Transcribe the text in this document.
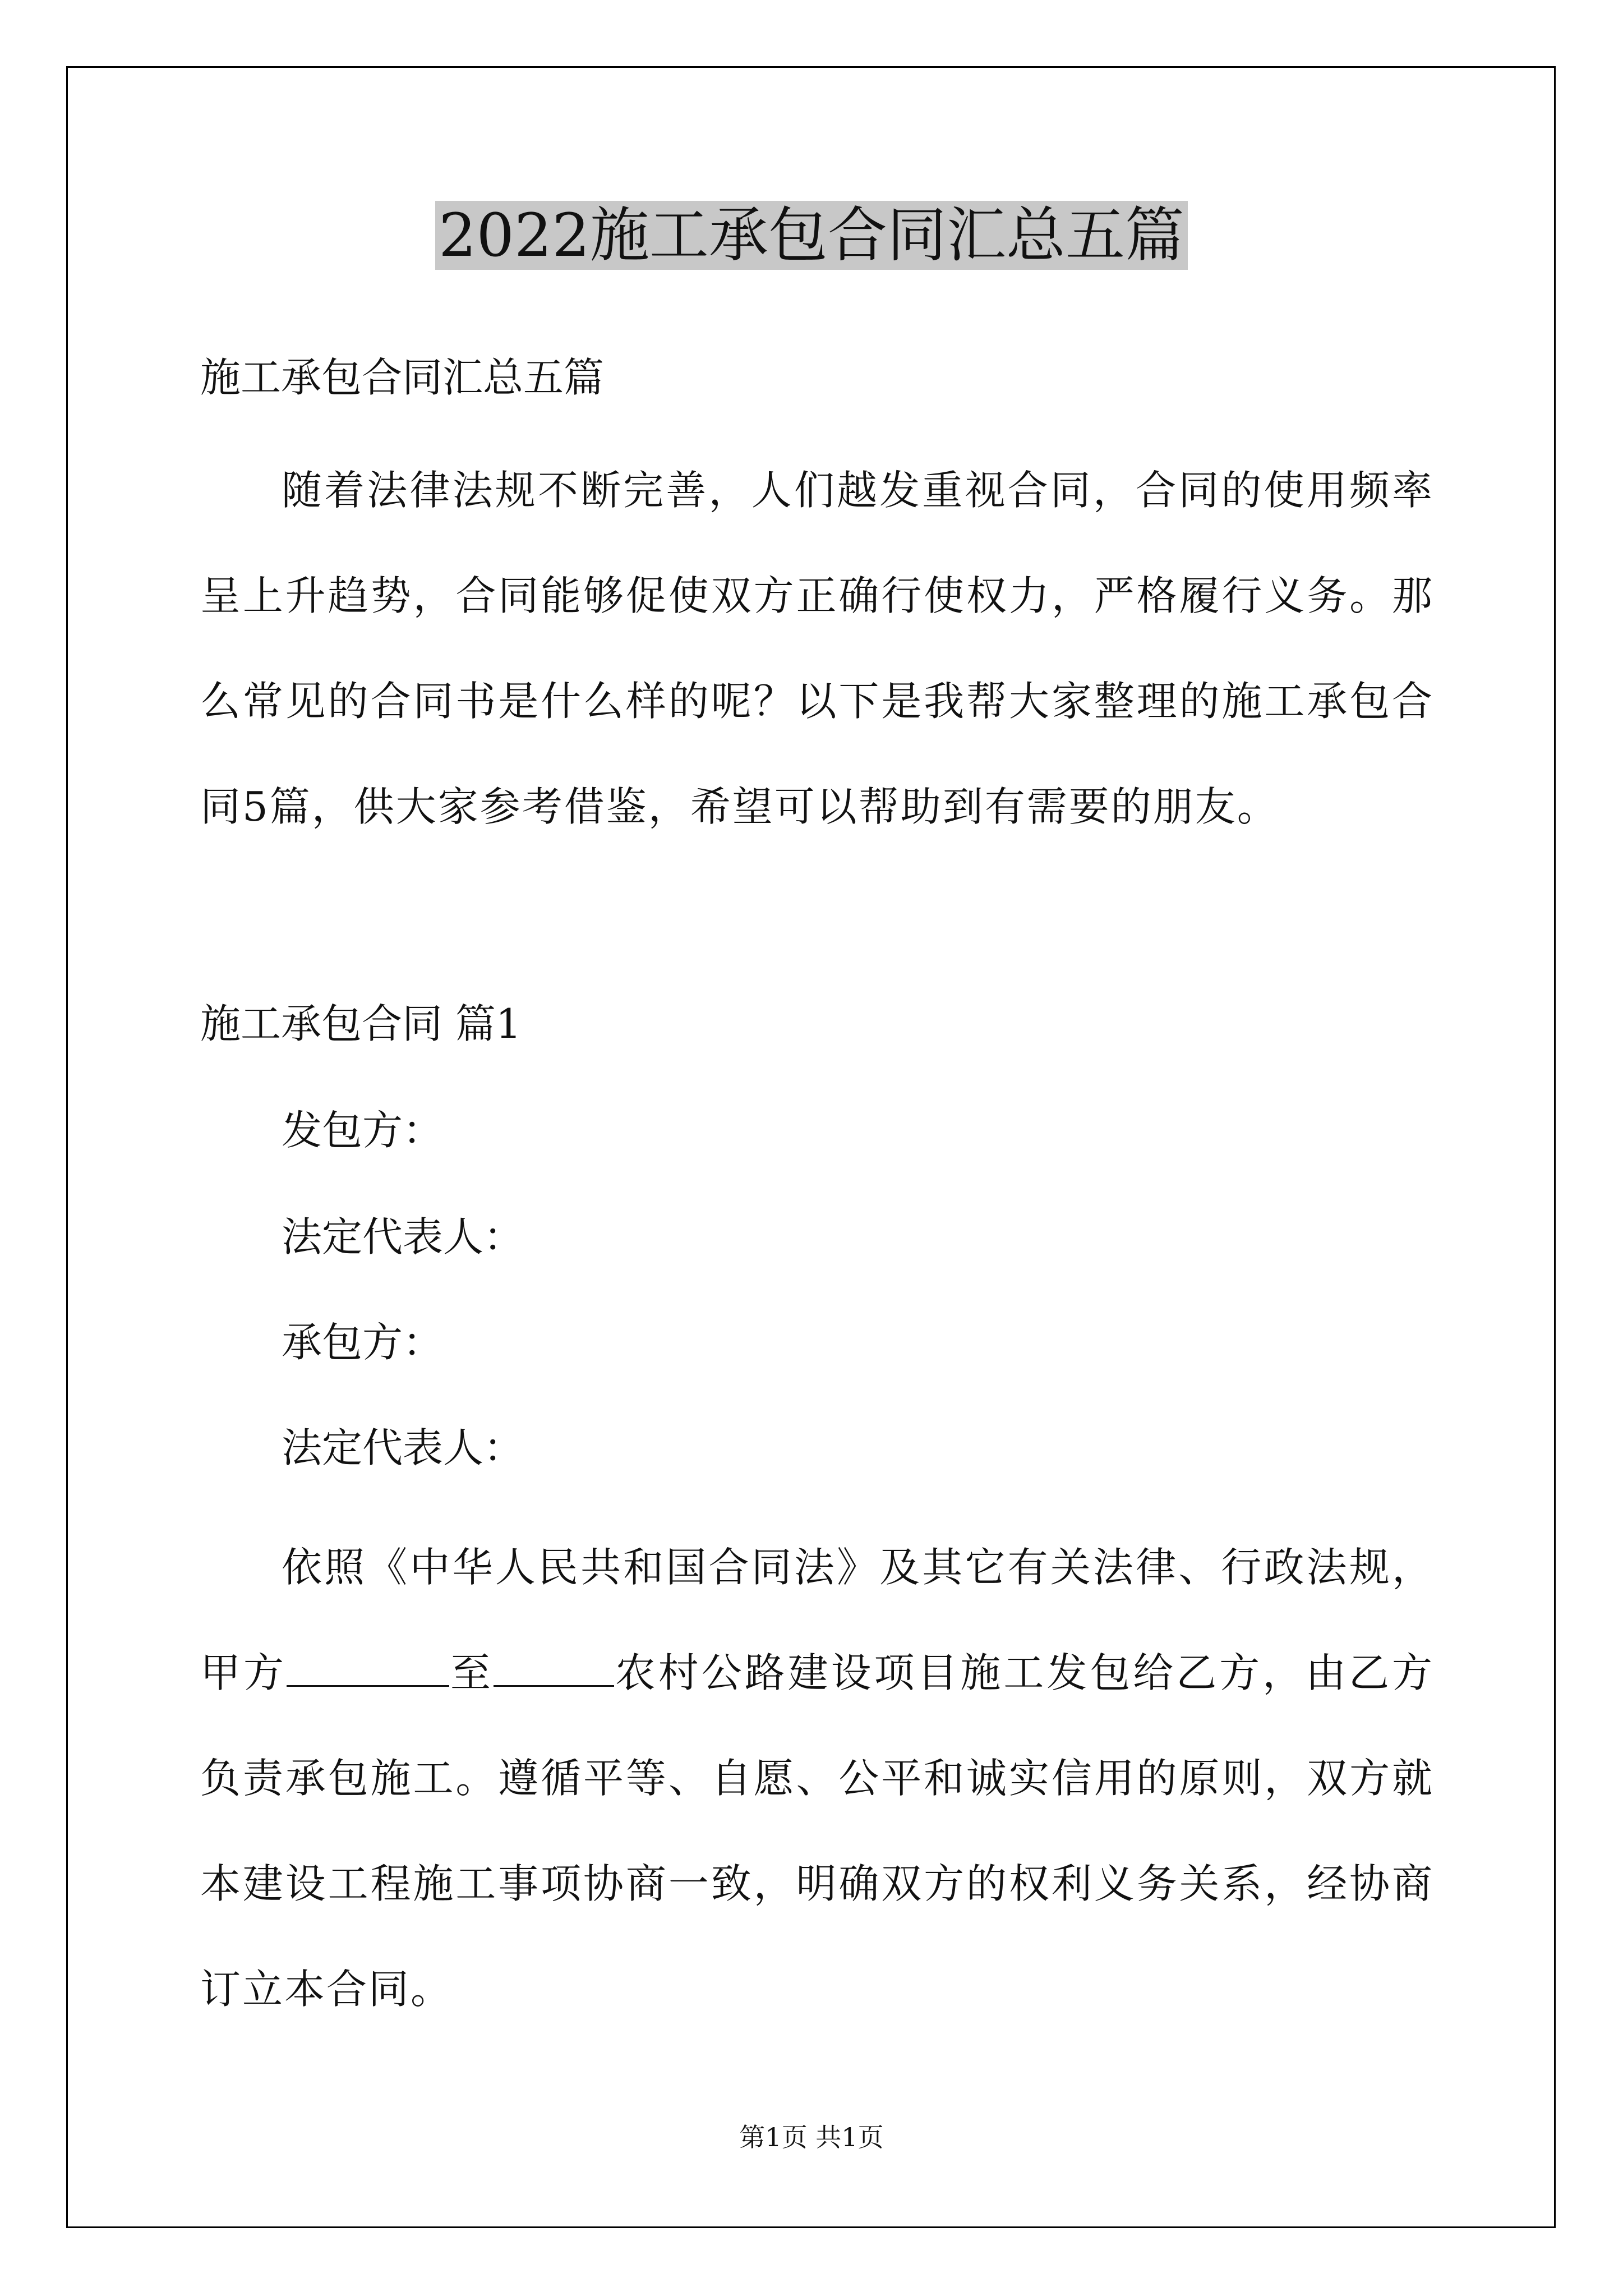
2022施工承包合同汇总五篇
施工承包合同汇总五篇
随着法律法规不断完善，人们越发重视合同，合同的使用频率呈上升趋势，合同能够促使双方正确行使权力，严格履行义务。那么常见的合同书是什么样的呢？以下是我帮大家整理的施工承包合同5篇，供大家参考借鉴，希望可以帮助到有需要的朋友。
施工承包合同 篇1
发包方：
法定代表人：
承包方：
法定代表人：
依照《中华人民共和国合同法》及其它有关法律、行政法规，甲方	至	农村公路建设项目施工发包给乙方，由乙方负责承包施工。遵循平等、自愿、公平和诚实信用的原则，双方就本建设工程施工事项协商一致，明确双方的权利义务关系，经协商订立本合同。
第1页 共1页
